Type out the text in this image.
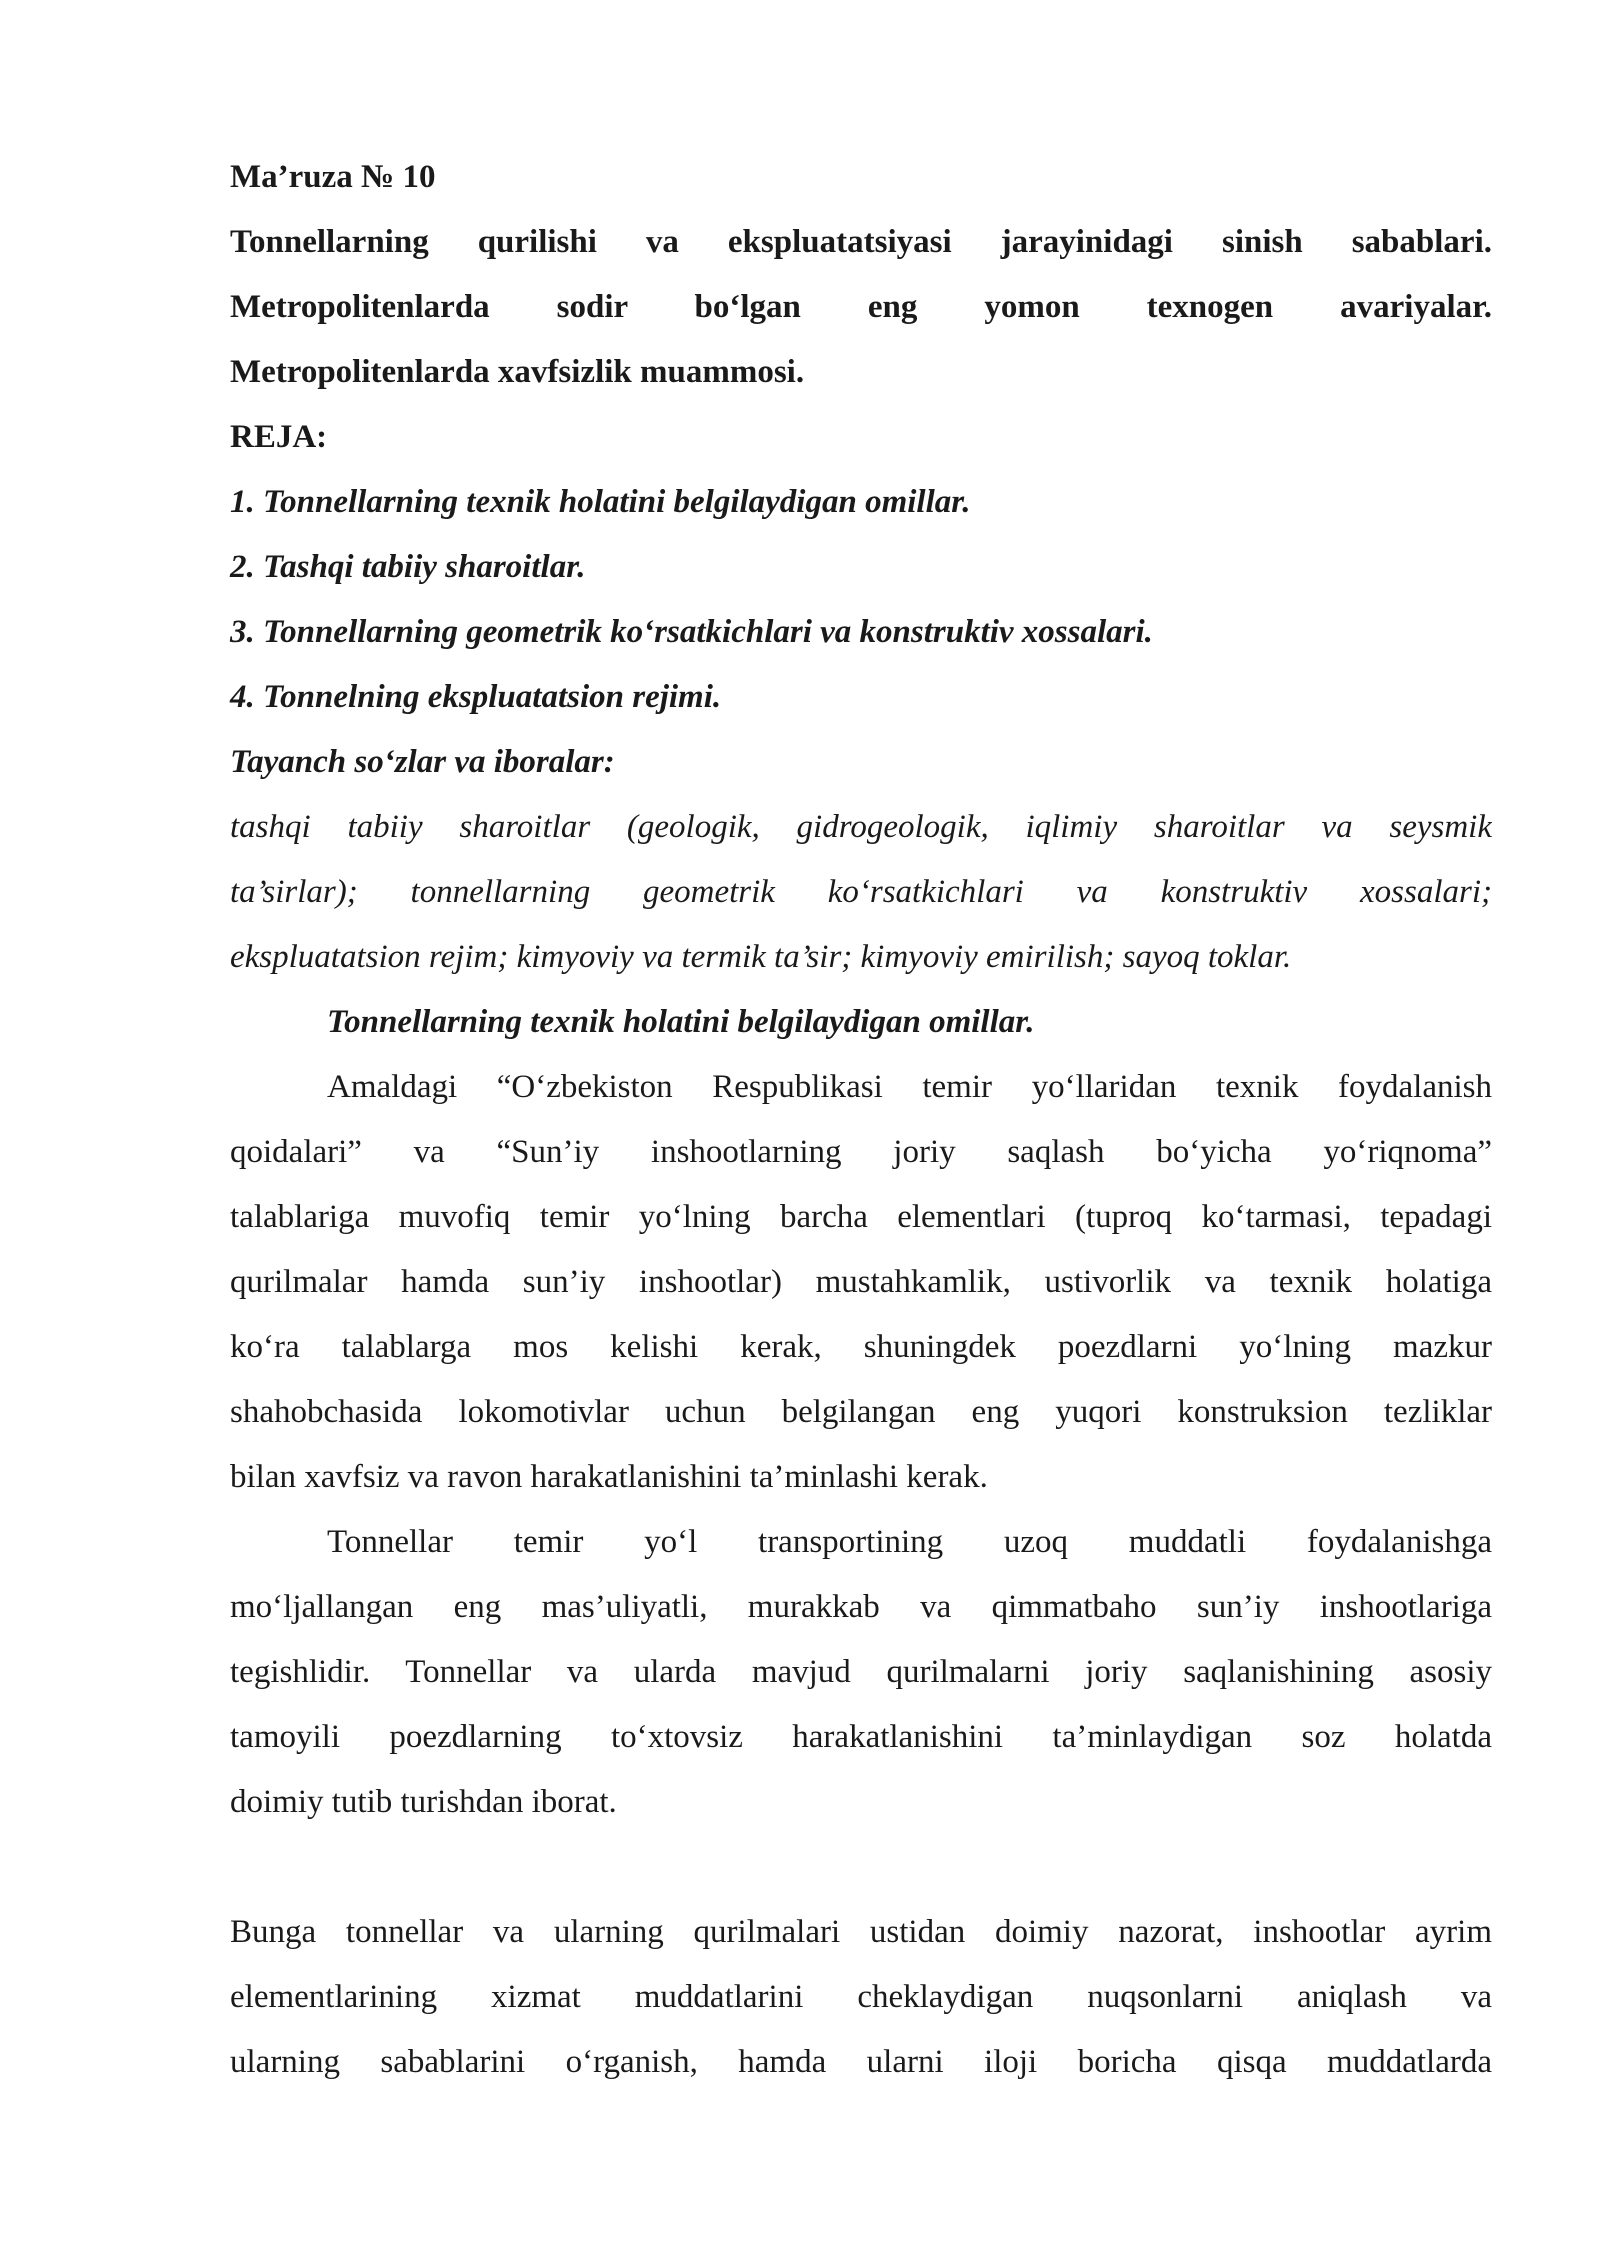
Ma’ruza № 10

Tonnellarning qurilishi va ekspluatatsiyasi jarayinidagi sinish sabablari.

Metropolitenlarda sodir bo‘lgan eng yomon texnogen avariyalar.

Metropolitenlarda xavfsizlik muammosi.

REJA:

1. Tonnellarning texnik holatini belgilaydigan omillar.

2. Tashqi tabiiy sharoitlar.

3. Tonnellarning geometrik ko‘rsatkichlari va konstruktiv xossalari.

4. Tonnelning ekspluatatsion rejimi.

Tayanch so‘zlar va iboralar:

tashqi tabiiy sharoitlar (geologik, gidrogeologik, iqlimiy sharoitlar va seysmik

ta’sirlar); tonnellarning geometrik ko‘rsatkichlari va konstruktiv xossalari;

ekspluatatsion rejim; kimyoviy va termik ta’sir; kimyoviy emirilish; sayoq toklar.

Tonnellarning texnik holatini belgilaydigan omillar.

Amaldagi “O‘zbekiston Respublikasi temir yo‘llaridan texnik foydalanish

qoidalari” va “Sun’iy inshootlarning joriy saqlash bo‘yicha yo‘riqnoma”

talablariga muvofiq temir yo‘lning barcha elementlari (tuproq ko‘tarmasi, tepadagi

qurilmalar hamda sun’iy inshootlar) mustahkamlik, ustivorlik va texnik holatiga

ko‘ra talablarga mos kelishi kerak, shuningdek poezdlarni yo‘lning mazkur

shahobchasida lokomotivlar uchun belgilangan eng yuqori konstruksion tezliklar

bilan xavfsiz va ravon harakatlanishini ta’minlashi kerak.

Tonnellar temir yo‘l transportining uzoq muddatli foydalanishga

mo‘ljallangan eng mas’uliyatli, murakkab va qimmatbaho sun’iy inshootlariga

tegishlidir. Tonnellar va ularda mavjud qurilmalarni joriy saqlanishining asosiy

tamoyili poezdlarning to‘xtovsiz harakatlanishini ta’minlaydigan soz holatda

doimiy tutib turishdan iborat.

Bunga tonnellar va ularning qurilmalari ustidan doimiy nazorat, inshootlar ayrim

elementlarining xizmat muddatlarini cheklaydigan nuqsonlarni aniqlash va

ularning sabablarini o‘rganish, hamda ularni iloji boricha qisqa muddatlarda
